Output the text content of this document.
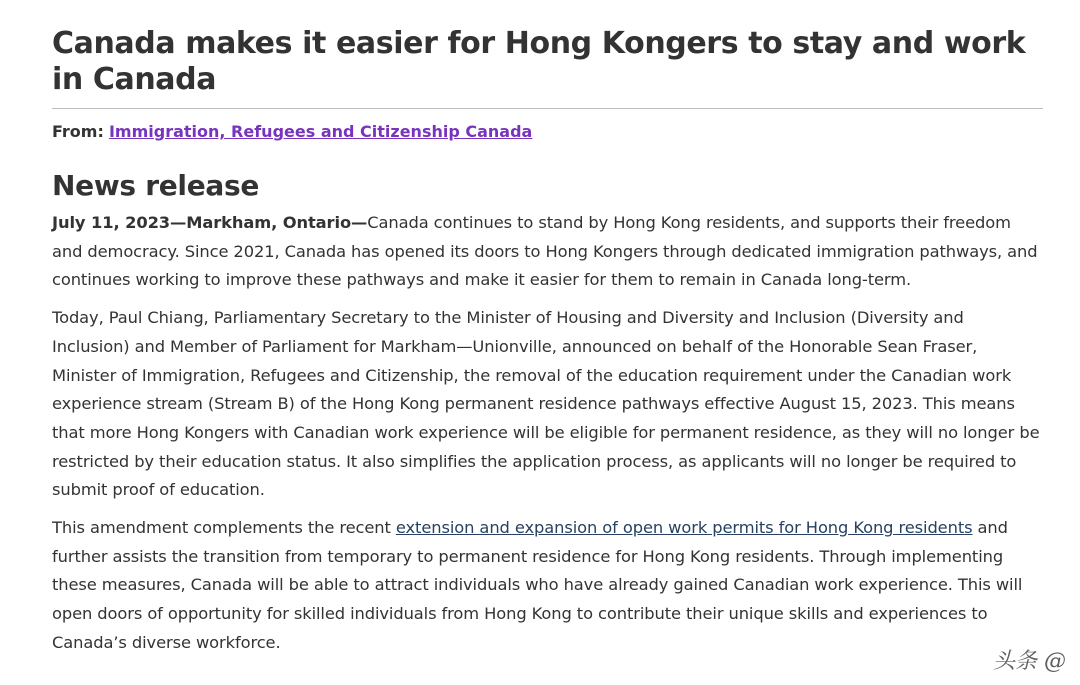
Canada makes it easier for Hong Kongers to stay and work in Canada
From: Immigration, Refugees and Citizenship Canada
News release

July 11, 2023—Markham, Ontario—Canada continues to stand by Hong Kong residents, and supports their freedom and democracy. Since 2021, Canada has opened its doors to Hong Kongers through dedicated immigration pathways, and continues working to improve these pathways and make it easier for them to remain in Canada long-term.

Today, Paul Chiang, Parliamentary Secretary to the Minister of Housing and Diversity and Inclusion (Diversity and Inclusion) and Member of Parliament for Markham—Unionville, announced on behalf of the Honorable Sean Fraser, Minister of Immigration, Refugees and Citizenship, the removal of the education requirement under the Canadian work experience stream (Stream B) of the Hong Kong permanent residence pathways effective August 15, 2023. This means that more Hong Kongers with Canadian work experience will be eligible for permanent residence, as they will no longer be restricted by their education status. It also simplifies the application process, as applicants will no longer be required to submit proof of education.

This amendment complements the recent extension and expansion of open work permits for Hong Kong residents and further assists the transition from temporary to permanent residence for Hong Kong residents. Through implementing these measures, Canada will be able to attract individuals who have already gained Canadian work experience. This will open doors of opportunity for skilled individuals from Hong Kong to contribute their unique skills and experiences to Canada’s diverse workforce.

头条 @
